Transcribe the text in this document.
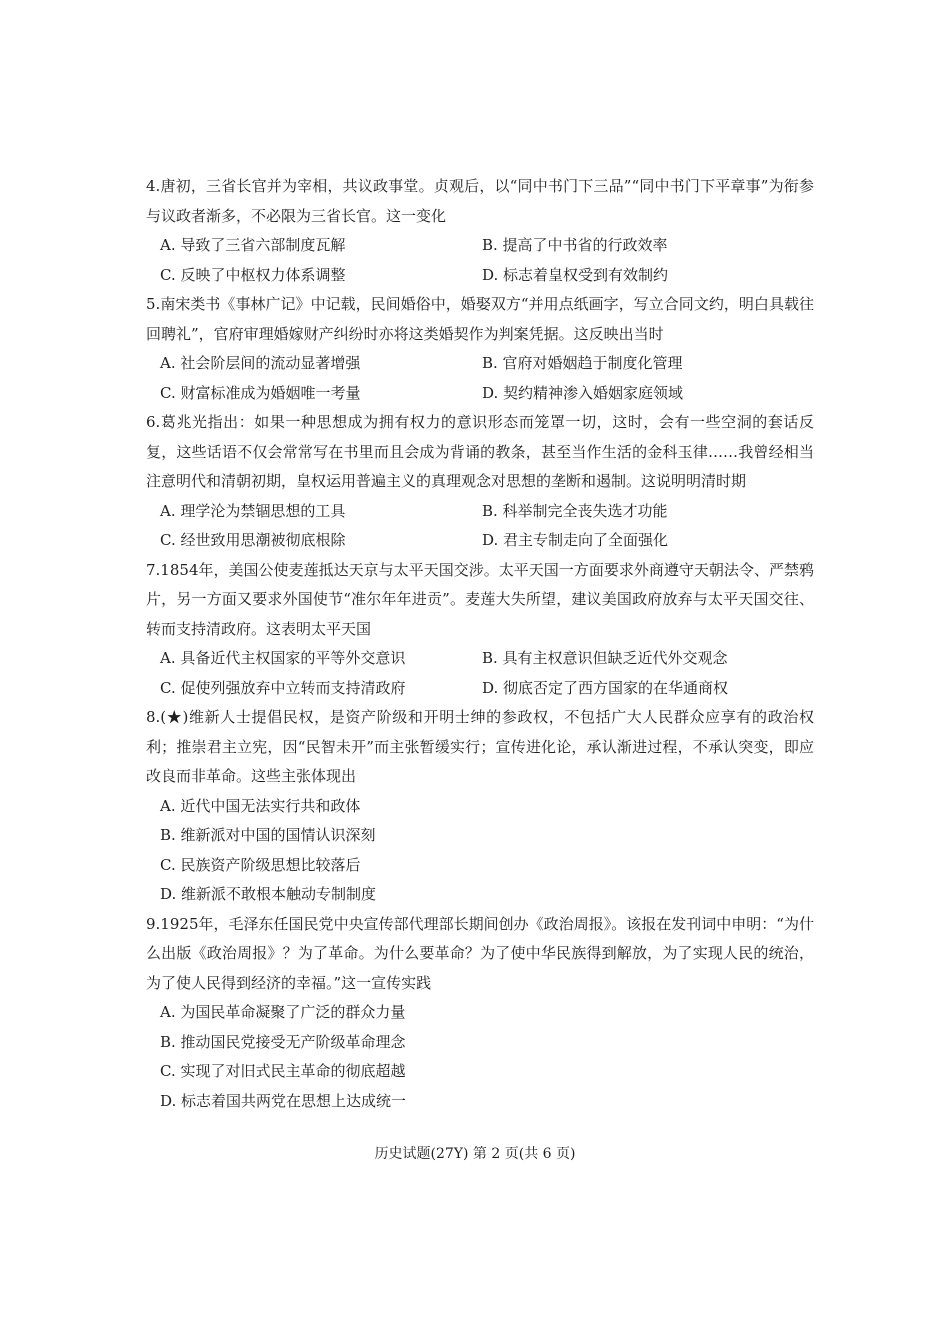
4.唐初，三省长官并为宰相，共议政事堂。贞观后，以“同中书门下三品”“同中书门下平章事”为衔参与议政者渐多，不必限为三省长官。这一变化

A. 导致了三省六部制度瓦解	B. 提高了中书省的行政效率
C. 反映了中枢权力体系调整	D. 标志着皇权受到有效制约

5.南宋类书《事林广记》中记载，民间婚俗中，婚娶双方“并用点纸画字，写立合同文约，明白具载往回聘礼”，官府审理婚嫁财产纠纷时亦将这类婚契作为判案凭据。这反映出当时

A. 社会阶层间的流动显著增强	B. 官府对婚姻趋于制度化管理
C. 财富标准成为婚姻唯一考量	D. 契约精神渗入婚姻家庭领域

6.葛兆光指出：如果一种思想成为拥有权力的意识形态而笼罩一切，这时，会有一些空洞的套话反复，这些话语不仅会常常写在书里而且会成为背诵的教条，甚至当作生活的金科玉律……我曾经相当注意明代和清朝初期，皇权运用普遍主义的真理观念对思想的垄断和遏制。这说明明清时期

A. 理学沦为禁锢思想的工具	B. 科举制完全丧失选才功能
C. 经世致用思潮被彻底根除	D. 君主专制走向了全面强化

7.1854年，美国公使麦莲抵达天京与太平天国交涉。太平天国一方面要求外商遵守天朝法令、严禁鸦片，另一方面又要求外国使节“准尔年年进贡”。麦莲大失所望，建议美国政府放弃与太平天国交往、转而支持清政府。这表明太平天国

A. 具备近代主权国家的平等外交意识	B. 具有主权意识但缺乏近代外交观念
C. 促使列强放弃中立转而支持清政府	D. 彻底否定了西方国家的在华通商权

8.(★)维新人士提倡民权，是资产阶级和开明士绅的参政权，不包括广大人民群众应享有的政治权利；推崇君主立宪，因“民智未开”而主张暂缓实行；宣传进化论，承认渐进过程，不承认突变，即应改良而非革命。这些主张体现出

A. 近代中国无法实行共和政体
B. 维新派对中国的国情认识深刻
C. 民族资产阶级思想比较落后
D. 维新派不敢根本触动专制制度

9.1925年，毛泽东任国民党中央宣传部代理部长期间创办《政治周报》。该报在发刊词中申明：“为什么出版《政治周报》？为了革命。为什么要革命？为了使中华民族得到解放，为了实现人民的统治，为了使人民得到经济的幸福。”这一宣传实践

A. 为国民革命凝聚了广泛的群众力量
B. 推动国民党接受无产阶级革命理念
C. 实现了对旧式民主革命的彻底超越
D. 标志着国共两党在思想上达成统一
历史试题(27Y) 第 2 页(共 6 页)
